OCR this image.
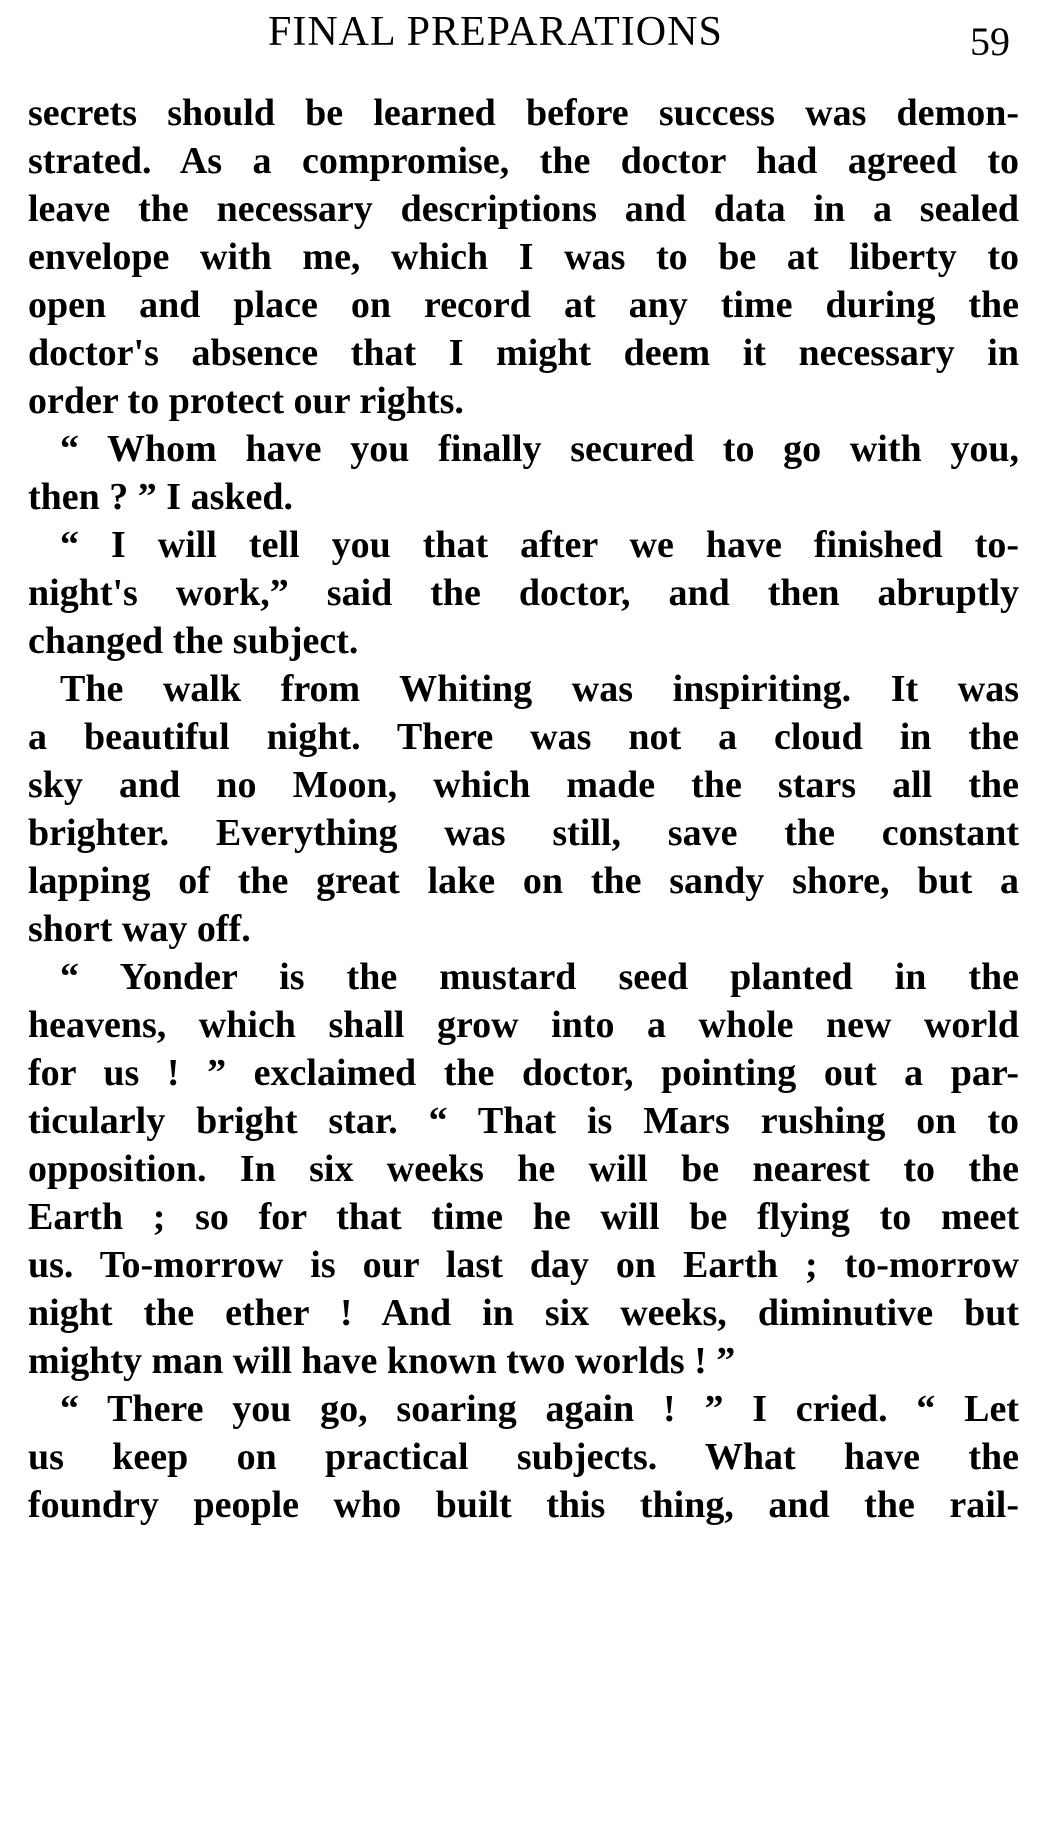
FINAL PREPARATIONS	59
secrets should be learned before success was demon-
strated. As a compromise, the doctor had agreed to
leave the necessary descriptions and data in a sealed
envelope with me, which I was to be at liberty to
open and place on record at any time during the
doctor's absence that I might deem it necessary in
order to protect our rights.
“ Whom have you finally secured to go with you,
then ? ” I asked.
“ I will tell you that after we have finished to-
night's work,” said the doctor, and then abruptly
changed the subject.
The walk from Whiting was inspiriting. It was
a beautiful night. There was not a cloud in the
sky and no Moon, which made the stars all the
brighter. Everything was still, save the constant
lapping of the great lake on the sandy shore, but a
short way off.
“ Yonder is the mustard seed planted in the
heavens, which shall grow into a whole new world
for us ! ” exclaimed the doctor, pointing out a par-
ticularly bright star. “ That is Mars rushing on to
opposition. In six weeks he will be nearest to the
Earth ; so for that time he will be flying to meet
us. To-morrow is our last day on Earth ; to-morrow
night the ether ! And in six weeks, diminutive but
mighty man will have known two worlds ! ”
“ There you go, soaring again ! ” I cried. “ Let
us keep on practical subjects. What have the
foundry people who built this thing, and the rail-
